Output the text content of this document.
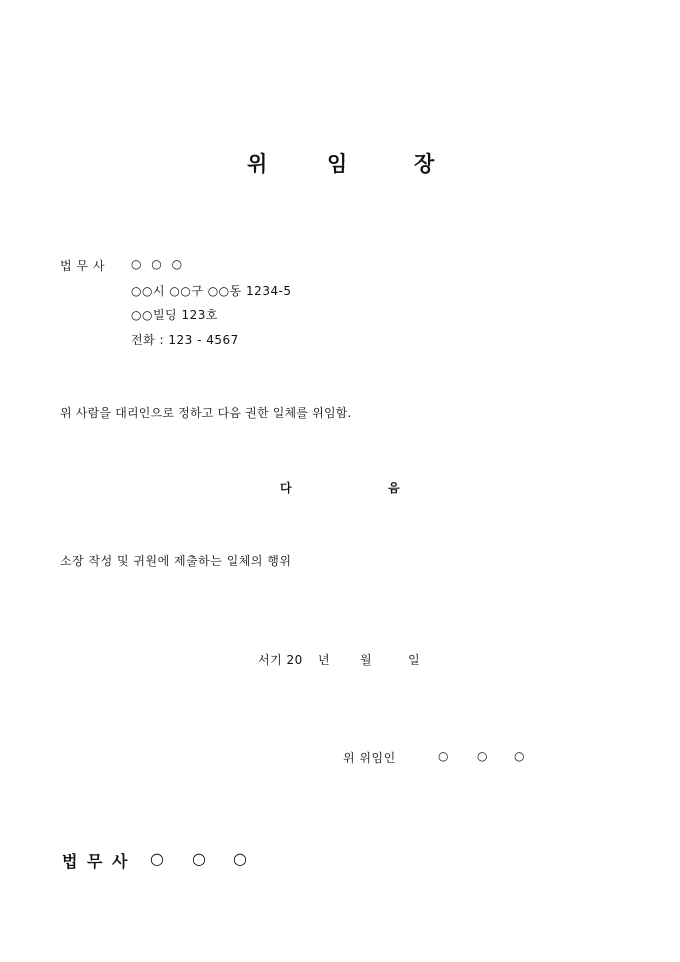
위	임	장
법 무 사 ○ ○ ○
○○시 ○○구 ○○동 1234-5
○○빌딩 123호
전화 : 123 - 4567
위 사람을 대리인으로 정하고 다음 권한 일체를 위임함.
다	음
소장 작성 및 귀원에 제출하는 일체의 행위
서기 20 년 월	일
위 위임인	○ ○ ○
법 무 사 ○ ○ ○
